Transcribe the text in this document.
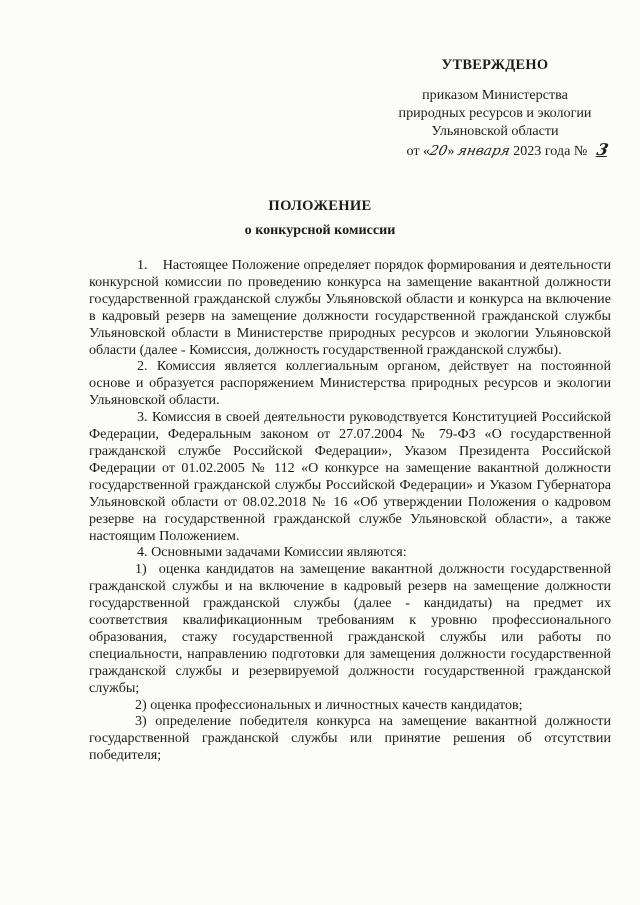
УТВЕРЖДЕНО
приказом Министерства
природных ресурсов и экологии
Ульяновской области
от «20» января 2023 года № 3
ПОЛОЖЕНИЕ
о конкурсной комиссии

1.    Настоящее Положение определяет порядок формирования и деятельности конкурсной комиссии по проведению конкурса на замещение вакантной должности государственной гражданской службы Ульяновской области и конкурса на включение в кадровый резерв на замещение должности государственной гражданской службы Ульяновской области в Министерстве природных ресурсов и экологии Ульяновской области (далее - Комиссия, должность государственной гражданской службы).

2. Комиссия является коллегиальным органом, действует на постоянной основе и образуется распоряжением Министерства природных ресурсов и экологии Ульяновской области.

3. Комиссия в своей деятельности руководствуется Конституцией Российской Федерации, Федеральным законом от 27.07.2004 № 79-ФЗ «О государственной гражданской службе Российской Федерации», Указом Президента Российской Федерации от 01.02.2005 № 112 «О конкурсе на замещение вакантной должности государственной гражданской службы Российской Федерации» и Указом Губернатора Ульяновской области от 08.02.2018 № 16 «Об утверждении Положения о кадровом резерве на государственной гражданской службе Ульяновской области», а также настоящим Положением.

4. Основными задачами Комиссии являются:

1)  оценка кандидатов на замещение вакантной должности государственной гражданской службы и на включение в кадровый резерв на замещение должности государственной гражданской службы (далее - кандидаты) на предмет их соответствия квалификационным требованиям к уровню профессионального образования, стажу государственной гражданской службы или работы по специальности, направлению подготовки для замещения должности государственной гражданской службы и резервируемой должности государственной гражданской службы;

2) оценка профессиональных и личностных качеств кандидатов;

3) определение победителя конкурса на замещение вакантной должности государственной гражданской службы или принятие решения об отсутствии победителя;
